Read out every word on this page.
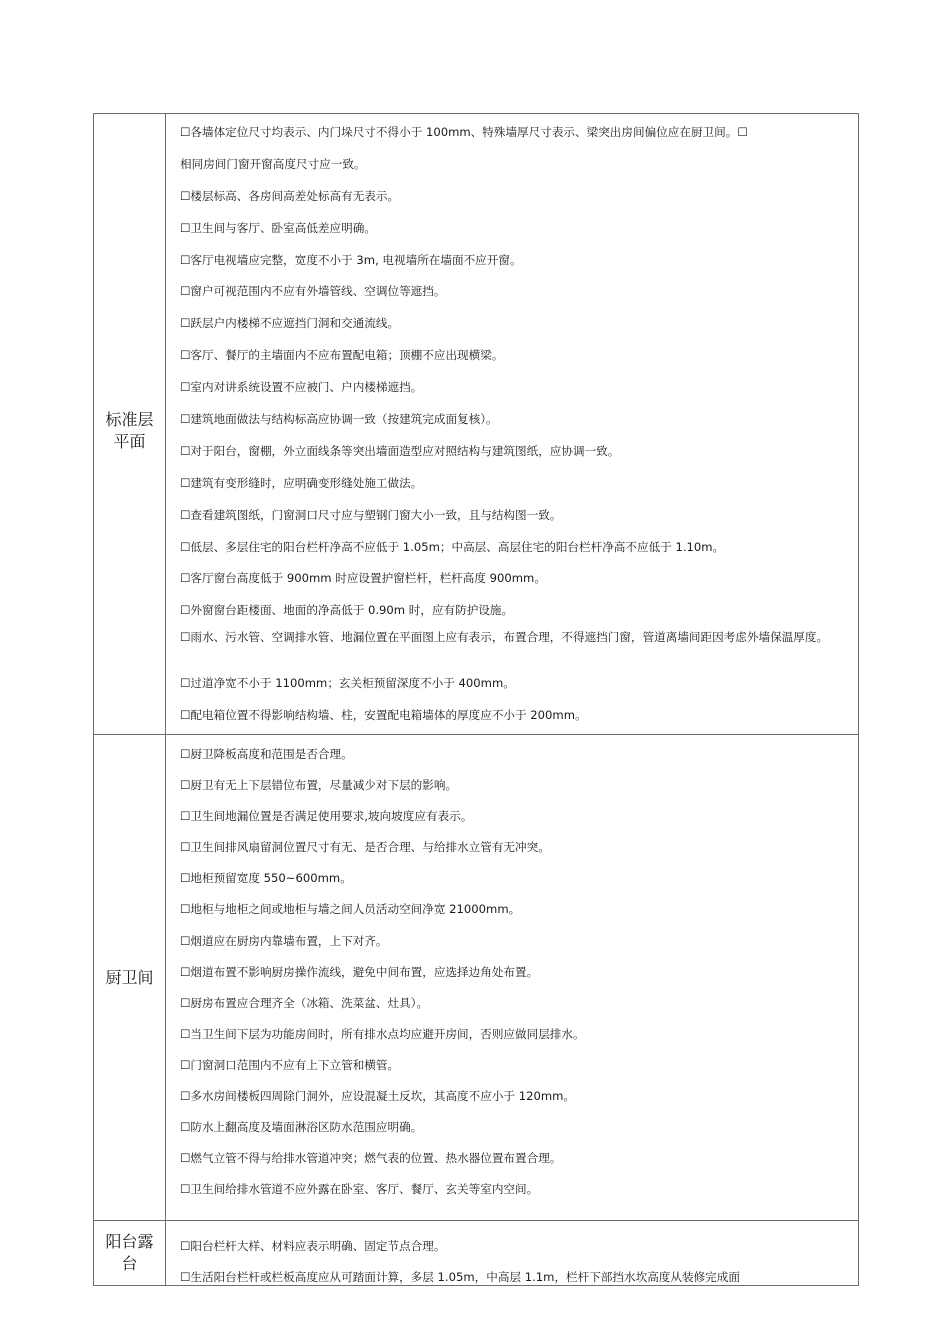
标准层平面

☐各墙体定位尺寸均表示、内门垛尺寸不得小于 100mm、特殊墙厚尺寸表示、梁突出房间偏位应在厨卫间。☐

相同房间门窗开窗高度尺寸应一致。

☐楼层标高、各房间高差处标高有无表示。

☐卫生间与客厅、卧室高低差应明确。

☐客厅电视墙应完整，宽度不小于 3m, 电视墙所在墙面不应开窗。

☐窗户可视范围内不应有外墙管线、空调位等遮挡。

☐跃层户内楼梯不应遮挡门洞和交通流线。

☐客厅、餐厅的主墙面内不应布置配电箱；顶棚不应出现横梁。

☐室内对讲系统设置不应被门、户内楼梯遮挡。

☐建筑地面做法与结构标高应协调一致（按建筑完成面复核）。

☐对于阳台，窗棚，外立面线条等突出墙面造型应对照结构与建筑图纸，应协调一致。

☐建筑有变形缝时，应明确变形缝处施工做法。

☐查看建筑图纸，门窗洞口尺寸应与塑钢门窗大小一致，且与结构图一致。

☐低层、多层住宅的阳台栏杆净高不应低于 1.05m；中高层、高层住宅的阳台栏杆净高不应低于 1.10m。

☐客厅窗台高度低于 900mm 时应设置护窗栏杆，栏杆高度 900mm。

☐外窗窗台距楼面、地面的净高低于 0.90m 时，应有防护设施。

☐雨水、污水管、空调排水管、地漏位置在平面图上应有表示，布置合理，不得遮挡门窗，管道离墙间距因考虑外墙保温厚度。

☐过道净宽不小于 1100mm；玄关柜预留深度不小于 400mm。

☐配电箱位置不得影响结构墙、柱，安置配电箱墙体的厚度应不小于 200mm。

厨卫间

☐厨卫降板高度和范围是否合理。

☐厨卫有无上下层错位布置，尽量减少对下层的影响。

☐卫生间地漏位置是否满足使用要求,坡向坡度应有表示。

☐卫生间排风扇留洞位置尺寸有无、是否合理、与给排水立管有无冲突。

☐地柜预留宽度 550~600mm。

☐地柜与地柜之间或地柜与墙之间人员活动空间净宽 21000mm。

☐烟道应在厨房内靠墙布置，上下对齐。

☐烟道布置不影响厨房操作流线，避免中间布置，应选择边角处布置。

☐厨房布置应合理齐全（冰箱、洗菜盆、灶具）。

☐当卫生间下层为功能房间时，所有排水点均应避开房间，否则应做同层排水。

☐门窗洞口范围内不应有上下立管和横管。

☐多水房间楼板四周除门洞外，应设混凝土反坎，其高度不应小于 120mm。

☐防水上翻高度及墙面淋浴区防水范围应明确。

☐燃气立管不得与给排水管道冲突；燃气表的位置、热水器位置布置合理。

☐卫生间给排水管道不应外露在卧室、客厅、餐厅、玄关等室内空间。

阳台露台

☐阳台栏杆大样、材料应表示明确、固定节点合理。

☐生活阳台栏杆或栏板高度应从可踏面计算，多层 1.05m，中高层 1.1m，栏杆下部挡水坎高度从装修完成面
